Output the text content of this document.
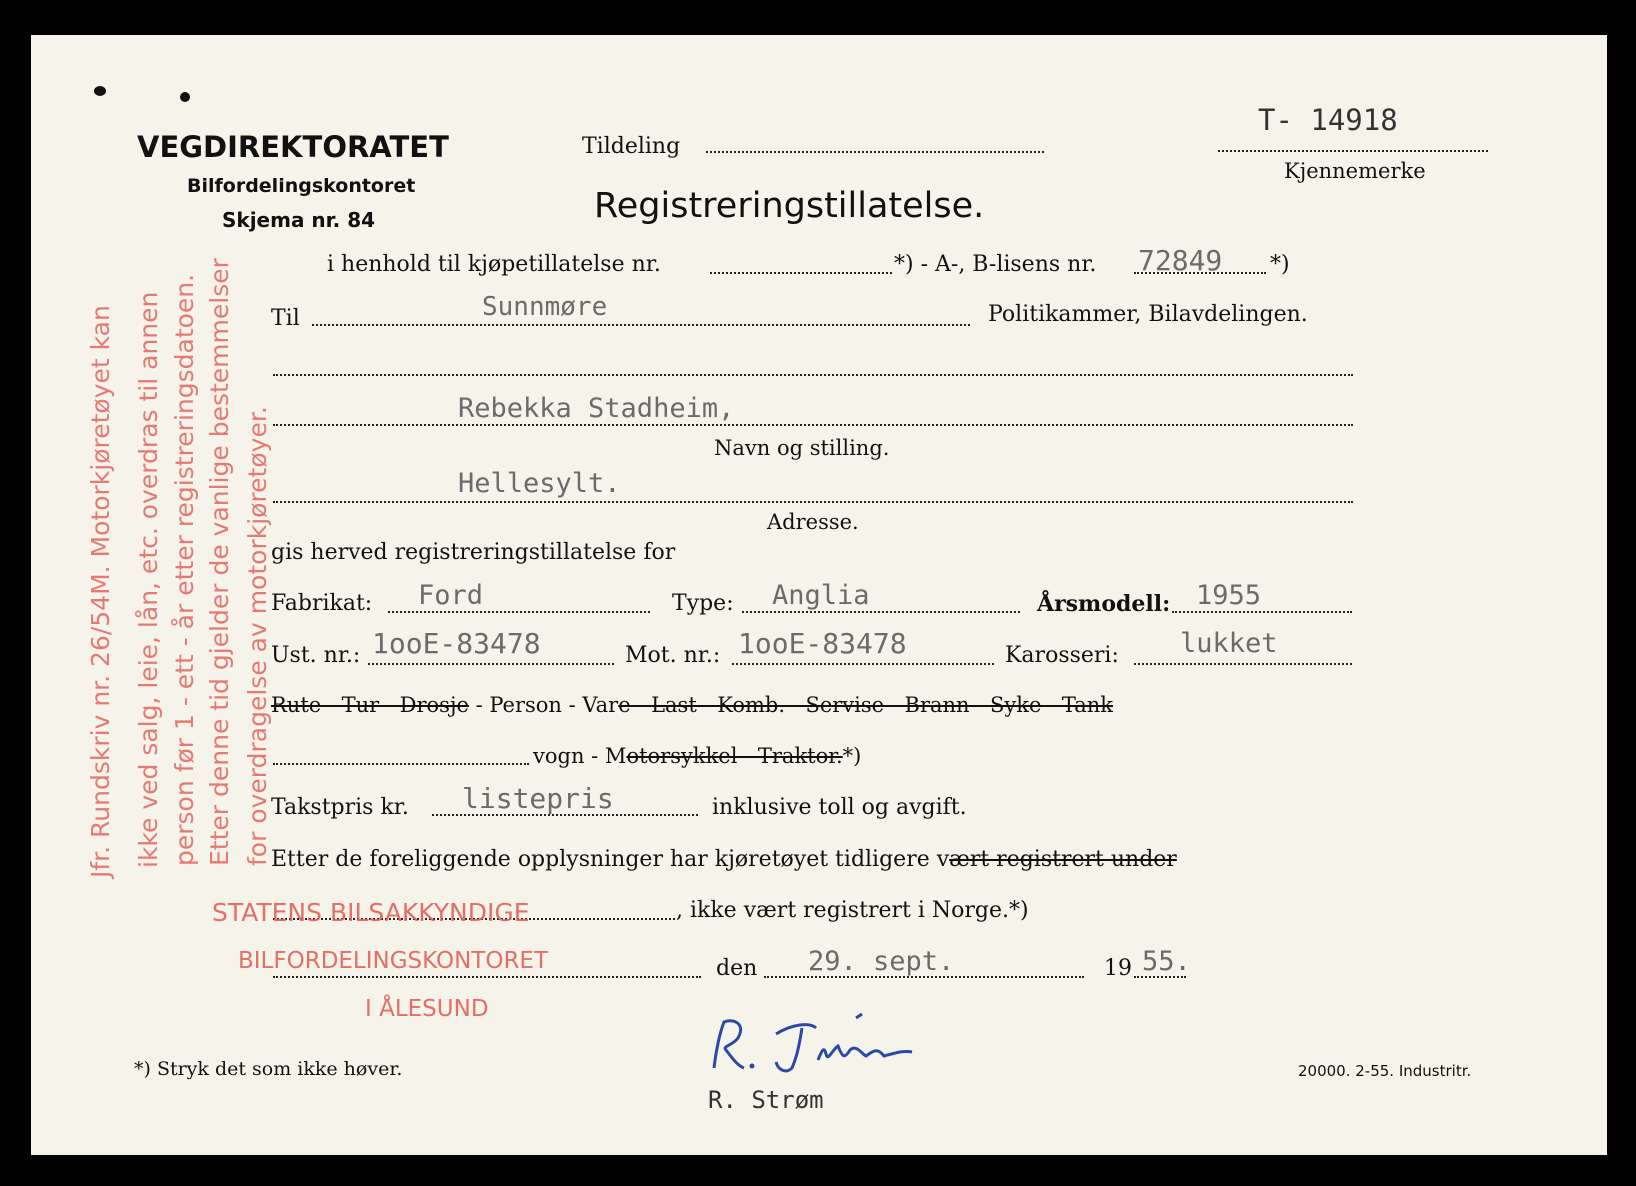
VEGDIREKTORATET
Bilfordelingskontoret
Skjema nr. 84
Tildeling
T- 14918
Kjennemerke
Registreringstillatelse.
i henhold til kjøpetillatelse nr.	*) - A-, B-lisens nr. 72849 *)
Til	Sunnmøre	Politikammer, Bilavdelingen.
Rebekka Stadheim,
Navn og stilling.
Hellesylt.
Adresse.
gis herved registreringstillatelse for
Fabrikat: Ford	Type: Anglia	Årsmodell: 1955
Ust. nr.: 1ooE-83478	Mot. nr.: 1ooE-83478	Karosseri: lukket
Rute - Tur - Drosje - Person - Vare - Last - Komb. - Servise - Brann - Syke - Tank
vogn - Motorsykkel - Traktor.*)
Takstpris kr. listepris	inklusive toll og avgift.
Etter de foreliggende opplysninger har kjøretøyet tidligere vært registrert under
, ikke vært registrert i Norge.*)
den 29. sept.	19 55.
STATENS BILSAKKYNDIGE
BILFORDELINGSKONTORET
I ÅLESUND
Jfr. Rundskriv nr. 26/54M. Motorkjøretøyet kan ikke ved salg, leie, lån, etc. overdras til annen person før 1 - ett - år etter registreringsdatoen. Etter denne tid gjelder de vanlige bestemmelser for overdragelse av motorkjøretøyer.
*) Stryk det som ikke høver.
R. Strøm
20000. 2-55. Industritr.
